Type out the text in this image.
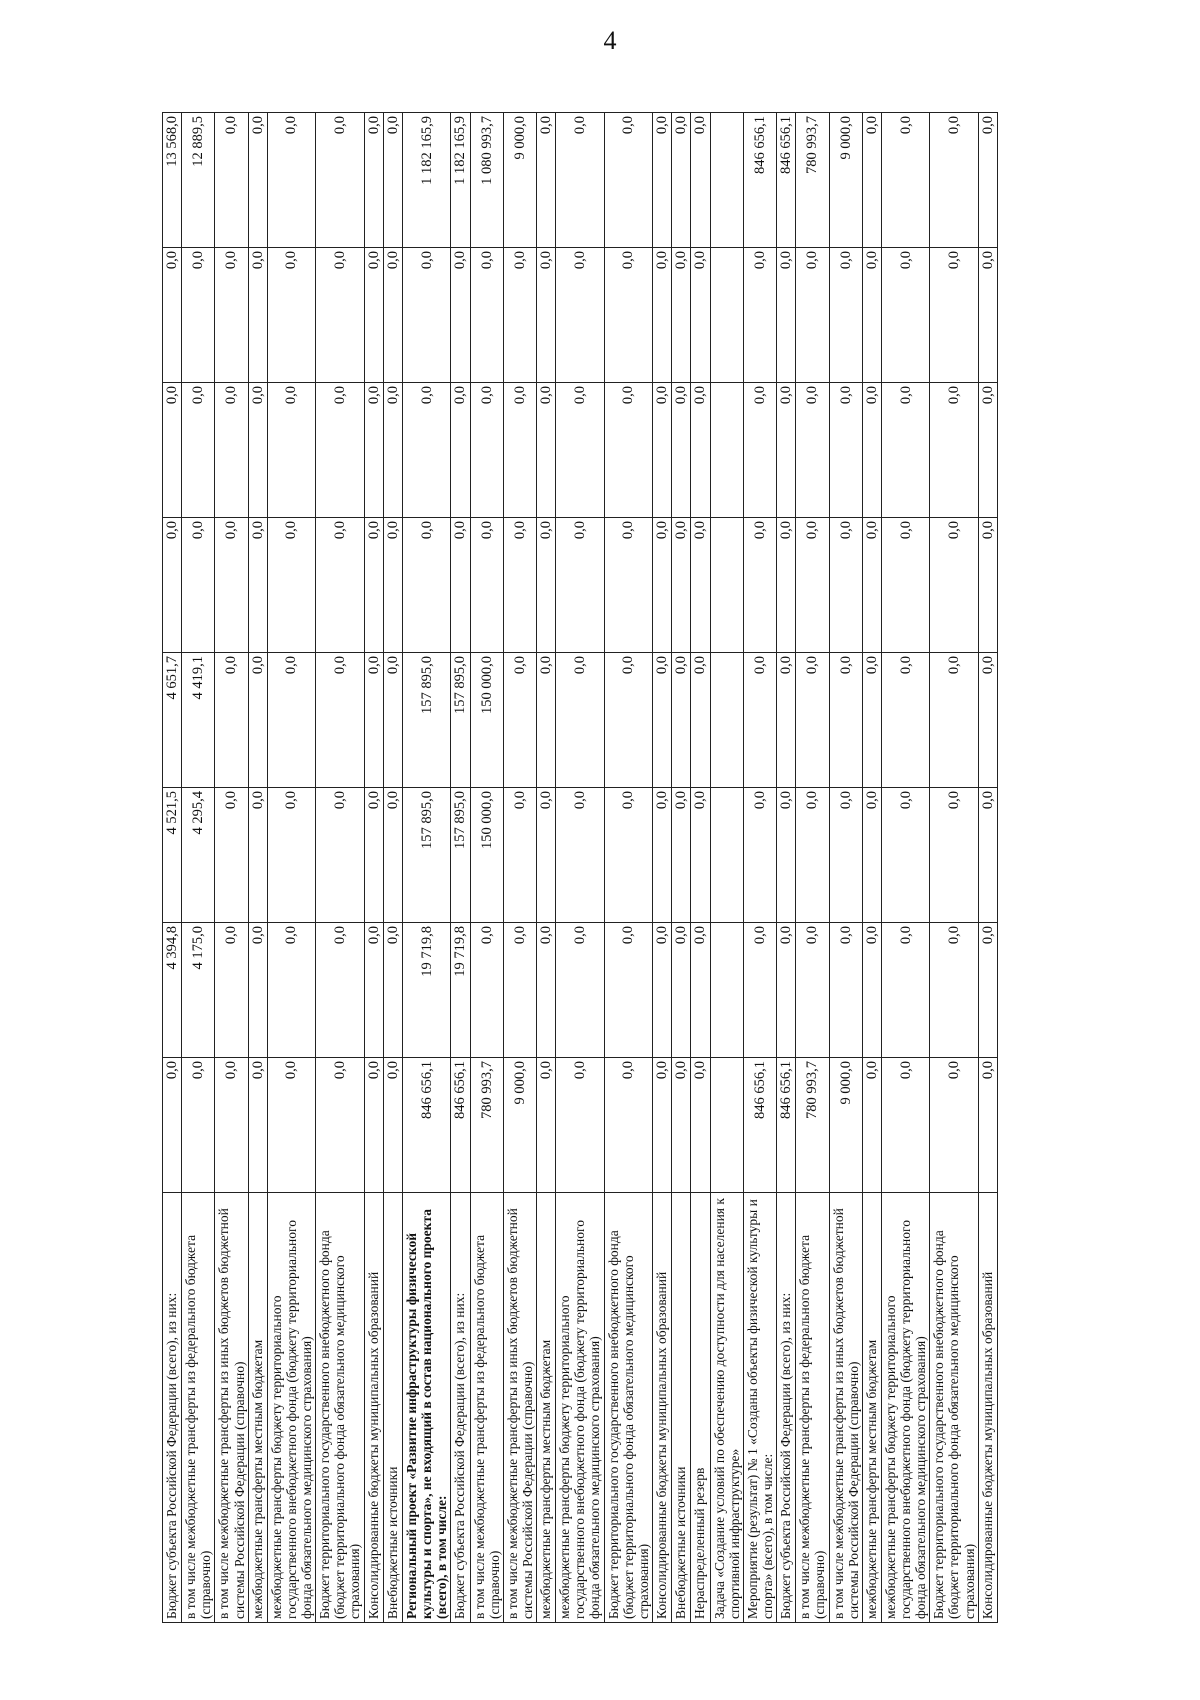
4
Бюджет субъекта Российской Федерации (всего), из них:	0,0	4 394,8	4 521,5	4 651,7	0,0	0,0	0,0	13 568,0
в том числе межбюджетные трансферты из федерального бюджета (справочно)	0,0	4 175,0	4 295,4	4 419,1	0,0	0,0	0,0	12 889,5
в том числе межбюджетные трансферты из иных бюджетов бюджетной системы Российской Федерации (справочно)	0,0	0,0	0,0	0,0	0,0	0,0	0,0	0,0
межбюджетные трансферты местным бюджетам	0,0	0,0	0,0	0,0	0,0	0,0	0,0	0,0
межбюджетные трансферты бюджету территориального государственного внебюджетного фонда (бюджету территориального фонда обязательного медицинского страхования)	0,0	0,0	0,0	0,0	0,0	0,0	0,0	0,0
Бюджет территориального государственного внебюджетного фонда (бюджет территориального фонда обязательного медицинского страхования)	0,0	0,0	0,0	0,0	0,0	0,0	0,0	0,0
Консолидированные бюджеты муниципальных образований	0,0	0,0	0,0	0,0	0,0	0,0	0,0	0,0
Внебюджетные источники	0,0	0,0	0,0	0,0	0,0	0,0	0,0	0,0
Региональный проект «Развитие инфраструктуры физической культуры и спорта», не входящий в состав национального проекта (всего), в том числе:	846 656,1	19 719,8	157 895,0	157 895,0	0,0	0,0	0,0	1 182 165,9
Бюджет субъекта Российской Федерации (всего), из них:	846 656,1	19 719,8	157 895,0	157 895,0	0,0	0,0	0,0	1 182 165,9
в том числе межбюджетные трансферты из федерального бюджета (справочно)	780 993,7	0,0	150 000,0	150 000,0	0,0	0,0	0,0	1 080 993,7
в том числе межбюджетные трансферты из иных бюджетов бюджетной системы Российской Федерации (справочно)	9 000,0	0,0	0,0	0,0	0,0	0,0	0,0	9 000,0
межбюджетные трансферты местным бюджетам	0,0	0,0	0,0	0,0	0,0	0,0	0,0	0,0
межбюджетные трансферты бюджету территориального государственного внебюджетного фонда (бюджету территориального фонда обязательного медицинского страхования)	0,0	0,0	0,0	0,0	0,0	0,0	0,0	0,0
Бюджет территориального государственного внебюджетного фонда (бюджет территориального фонда обязательного медицинского страхования)	0,0	0,0	0,0	0,0	0,0	0,0	0,0	0,0
Консолидированные бюджеты муниципальных образований	0,0	0,0	0,0	0,0	0,0	0,0	0,0	0,0
Внебюджетные источники	0,0	0,0	0,0	0,0	0,0	0,0	0,0	0,0
Нераспределенный резерв	0,0	0,0	0,0	0,0	0,0	0,0	0,0	0,0
Задача «Создание условий по обеспечению доступности для населения к спортивной инфраструктуре»								
Мероприятие (результат) № 1 «Созданы объекты физической культуры и спорта» (всего), в том числе:	846 656,1	0,0	0,0	0,0	0,0	0,0	0,0	846 656,1
Бюджет субъекта Российской Федерации (всего), из них:	846 656,1	0,0	0,0	0,0	0,0	0,0	0,0	846 656,1
в том числе межбюджетные трансферты из федерального бюджета (справочно)	780 993,7	0,0	0,0	0,0	0,0	0,0	0,0	780 993,7
в том числе межбюджетные трансферты из иных бюджетов бюджетной системы Российской Федерации (справочно)	9 000,0	0,0	0,0	0,0	0,0	0,0	0,0	9 000,0
межбюджетные трансферты местным бюджетам	0,0	0,0	0,0	0,0	0,0	0,0	0,0	0,0
межбюджетные трансферты бюджету территориального государственного внебюджетного фонда (бюджету территориального фонда обязательного медицинского страхования)	0,0	0,0	0,0	0,0	0,0	0,0	0,0	0,0
Бюджет территориального государственного внебюджетного фонда (бюджет территориального фонда обязательного медицинского страхования)	0,0	0,0	0,0	0,0	0,0	0,0	0,0	0,0
Консолидированные бюджеты муниципальных образований	0,0	0,0	0,0	0,0	0,0	0,0	0,0	0,0
